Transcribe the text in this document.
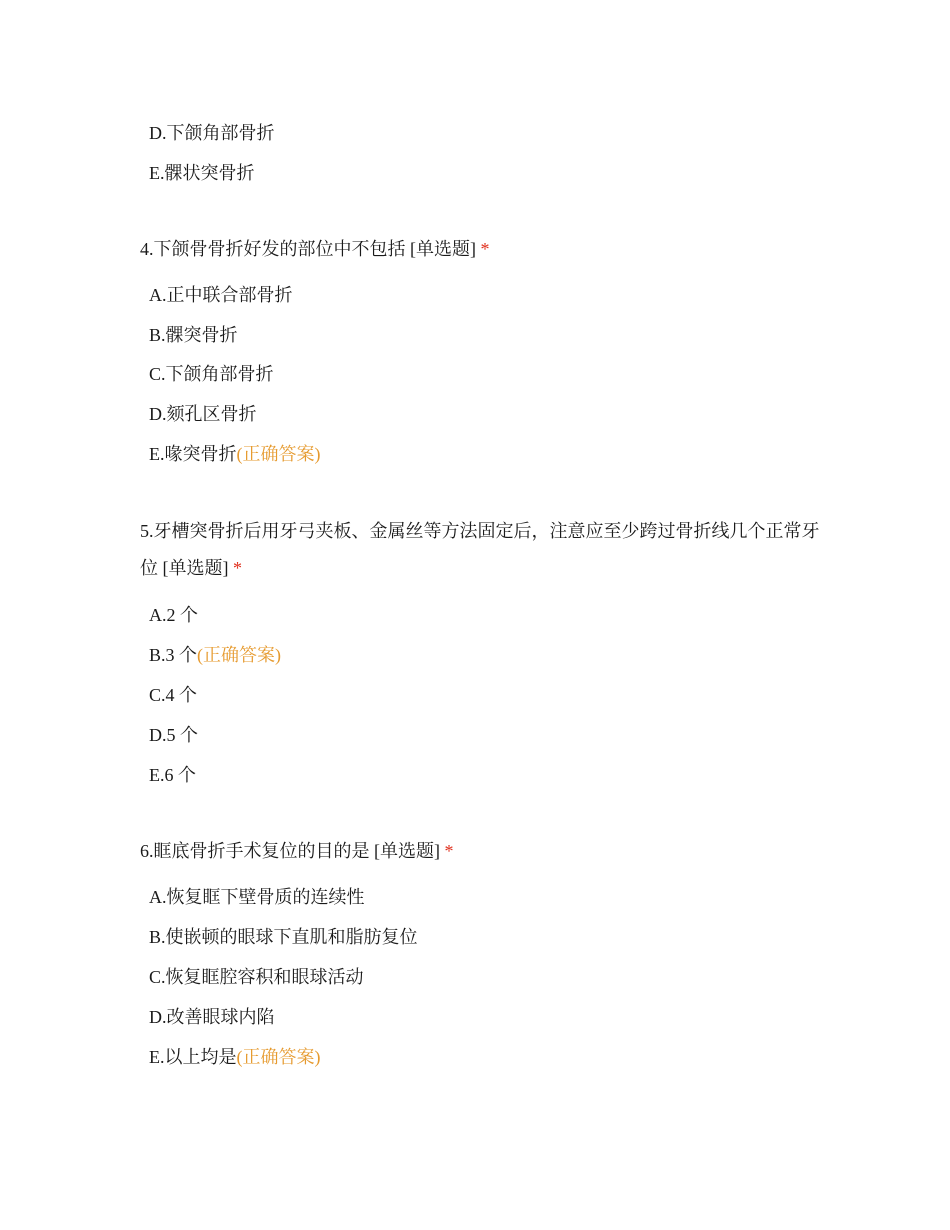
D.下颌角部骨折
E.髁状突骨折
4.下颌骨骨折好发的部位中不包括 [单选题] *
A.正中联合部骨折
B.髁突骨折
C.下颌角部骨折
D.颏孔区骨折
E.喙突骨折(正确答案)
5.牙槽突骨折后用牙弓夹板、金属丝等方法固定后，注意应至少跨过骨折线几个正常牙位 [单选题] *
A.2 个
B.3 个(正确答案)
C.4 个
D.5 个
E.6 个
6.眶底骨折手术复位的目的是 [单选题] *
A.恢复眶下壁骨质的连续性
B.使嵌顿的眼球下直肌和脂肪复位
C.恢复眶腔容积和眼球活动
D.改善眼球内陷
E.以上均是(正确答案)
